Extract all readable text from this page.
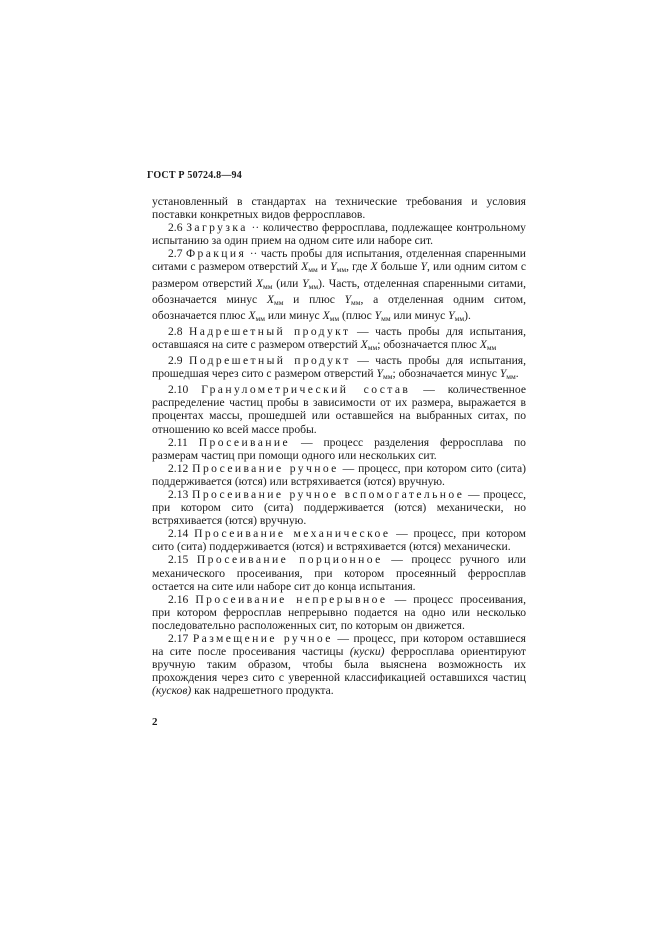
ГОСТ Р 50724.8—94

установленный в стандартах на технические требования и условия поставки конкретных видов ферросплавов.

2.6 Загрузка ·· количество ферросплава, подлежащее контрольному испытанию за один прием на одном сите или наборе сит.

2.7 Фракция ·· часть пробы для испытания, отделенная спаренными ситами с размером отверстий $X_{мм}$ и $Y_{мм}$, где X больше Y, или одним ситом с размером отверстий $X_{мм}$ (или $Y_{мм}$). Часть, отделенная спаренными ситами, обозначается минус $X_{мм}$ и плюс $Y_{мм}$, а отделенная одним ситом, обозначается плюс $X_{мм}$ или минус $X_{мм}$ (плюс $Y_{мм}$ или минус $Y_{мм}$).

2.8 Надрешетный продукт — часть пробы для испытания, оставшаяся на сите с размером отверстий $X_{мм}$; обозначается плюс $X_{мм}$

2.9 Подрешетный продукт — часть пробы для испытания, прошедшая через сито с размером отверстий $Y_{мм}$; обозначается минус $Y_{мм}$.

2.10 Гранулометрический состав — количественное распределение частиц пробы в зависимости от их размера, выражается в процентах массы, прошедшей или оставшейся на выбранных ситах, по отношению ко всей массе пробы.

2.11 Просеивание — процесс разделения ферросплава по размерам частиц при помощи одного или нескольких сит.

2.12 Просеивание ручное — процесс, при котором сито (сита) поддерживается (ются) или встряхивается (ются) вручную.

2.13 Просеивание ручное вспомогательное — процесс, при котором сито (сита) поддерживается (ются) механически, но встряхивается (ются) вручную.

2.14 Просеивание механическое — процесс, при котором сито (сита) поддерживается (ются) и встряхивается (ются) механически.

2.15 Просеивание порционное — процесс ручного или механического просеивания, при котором просеянный ферросплав остается на сите или наборе сит до конца испытания.

2.16 Просеивание непрерывное — процесс просеивания, при котором ферросплав непрерывно подается на одно или несколько последовательно расположенных сит, по которым он движется.

2.17 Размещение ручное — процесс, при котором оставшиеся на сите после просеивания частицы (куски) ферросплава ориентируют вручную таким образом, чтобы была выяснена возможность их прохождения через сито с уверенной классификацией оставшихся частиц (кусков) как надрешетного продукта.

2
